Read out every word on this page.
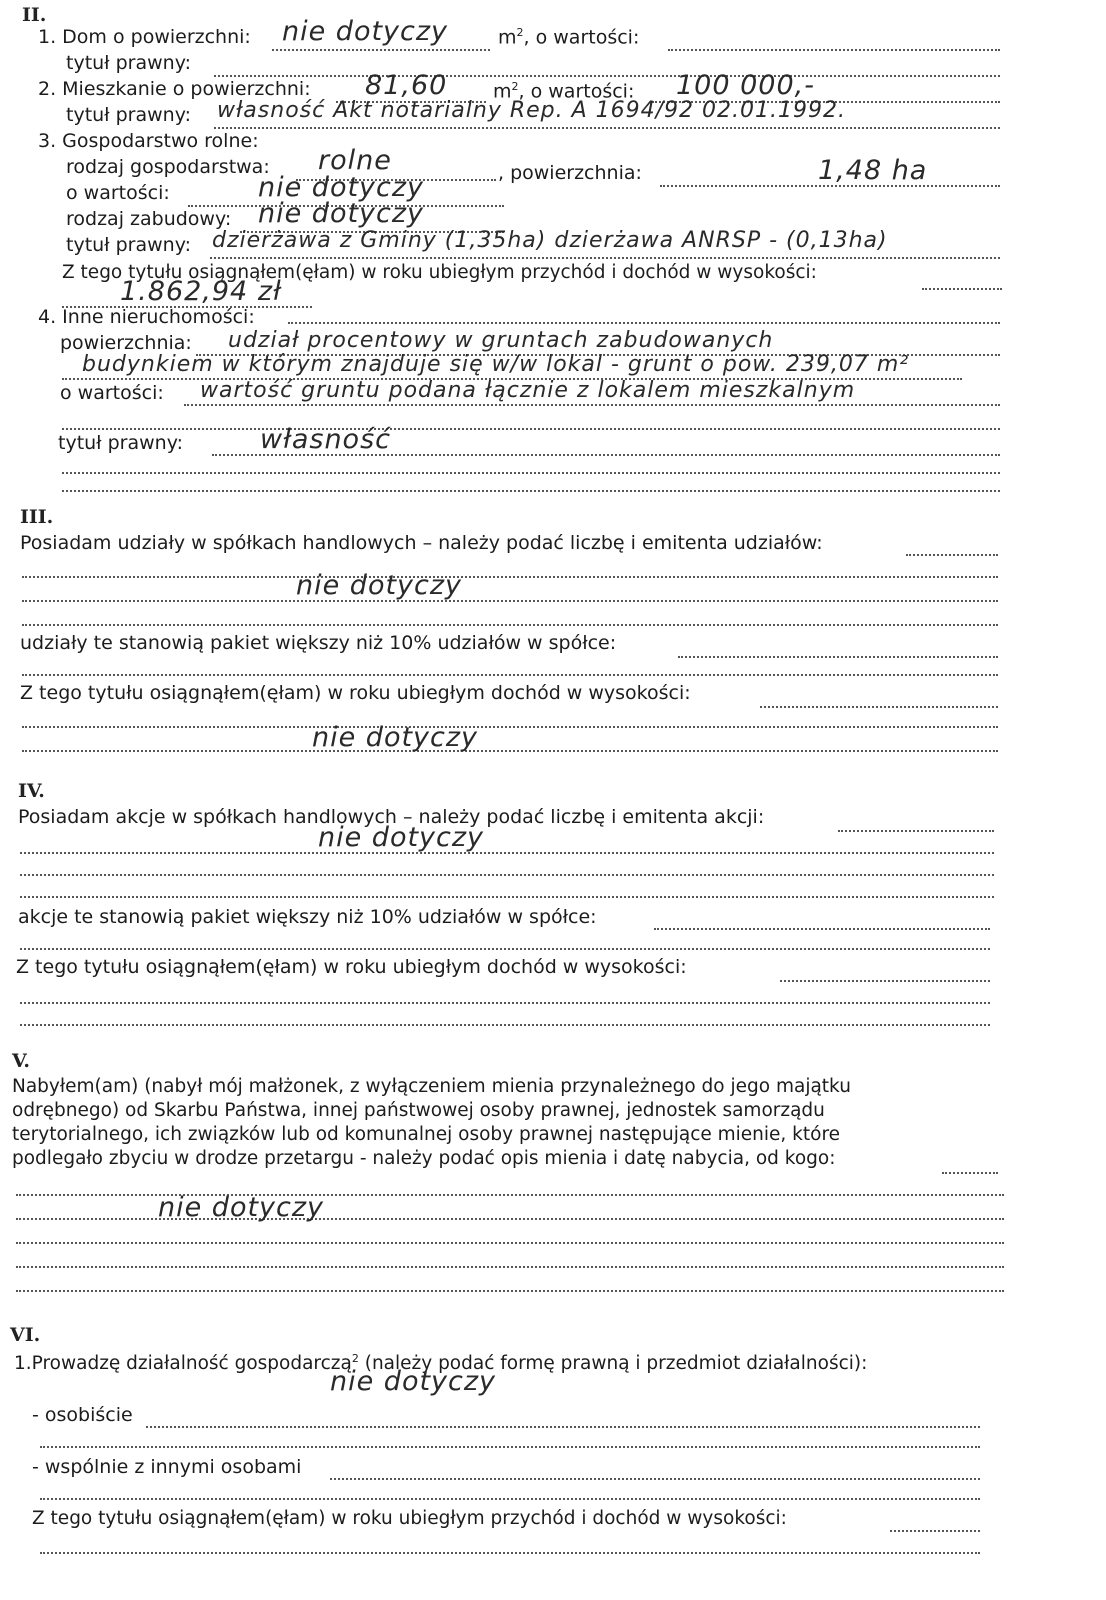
II.
1. Dom o powierzchni: nie dotyczy	$m^2$, o wartości:
tytuł prawny:
2. Mieszkanie o powierzchni: 81,60 $m^2$, o wartości: 100 000,-
tytuł prawny: własność Akt notarialny Rep. A 1694/92 02.01.1992.
3. Gospodarstwo rolne:
rodzaj gospodarstwa: rolne	, powierzchnia:	1,48 ha
o wartości:	nie dotyczy
rodzaj zabudowy: nie dotyczy
tytuł prawny: dzierżawa z Gminy (1,35ha) dzierżawa ANRSP - (0,13ha)
Z tego tytułu osiągnąłem(ęłam) w roku ubiegłym przychód i dochód w wysokości:
1.862,94 zł
4. Inne nieruchomości:
powierzchnia: udział procentowy w gruntach zabudowanych
budynkiem w którym znajduje się w/w lokal - grunt o pow. 239,07 m²
o wartości: wartość gruntu podana łącznie z lokalem mieszkalnym
tytuł prawny:	własność
III.
Posiadam udziały w spółkach handlowych – należy podać liczbę i emitenta udziałów:
nie dotyczy
udziały te stanowią pakiet większy niż 10% udziałów w spółce:
Z tego tytułu osiągnąłem(ęłam) w roku ubiegłym dochód w wysokości:
nie dotyczy
IV.
Posiadam akcje w spółkach handlowych – należy podać liczbę i emitenta akcji:
nie dotyczy
akcje te stanowią pakiet większy niż 10% udziałów w spółce:
Z tego tytułu osiągnąłem(ęłam) w roku ubiegłym dochód w wysokości:
V.
Nabyłem(am) (nabył mój małżonek, z wyłączeniem mienia przynależnego do jego majątku
odrębnego) od Skarbu Państwa, innej państwowej osoby prawnej, jednostek samorządu
terytorialnego, ich związków lub od komunalnej osoby prawnej następujące mienie, które
podlegało zbyciu w drodze przetargu - należy podać opis mienia i datę nabycia, od kogo:
nie dotyczy
VI.
1.Prowadzę działalność gospodarczą$^2$ (należy podać formę prawną i przedmiot działalności):
nie dotyczy
- osobiście
- wspólnie z innymi osobami
Z tego tytułu osiągnąłem(ęłam) w roku ubiegłym przychód i dochód w wysokości:
